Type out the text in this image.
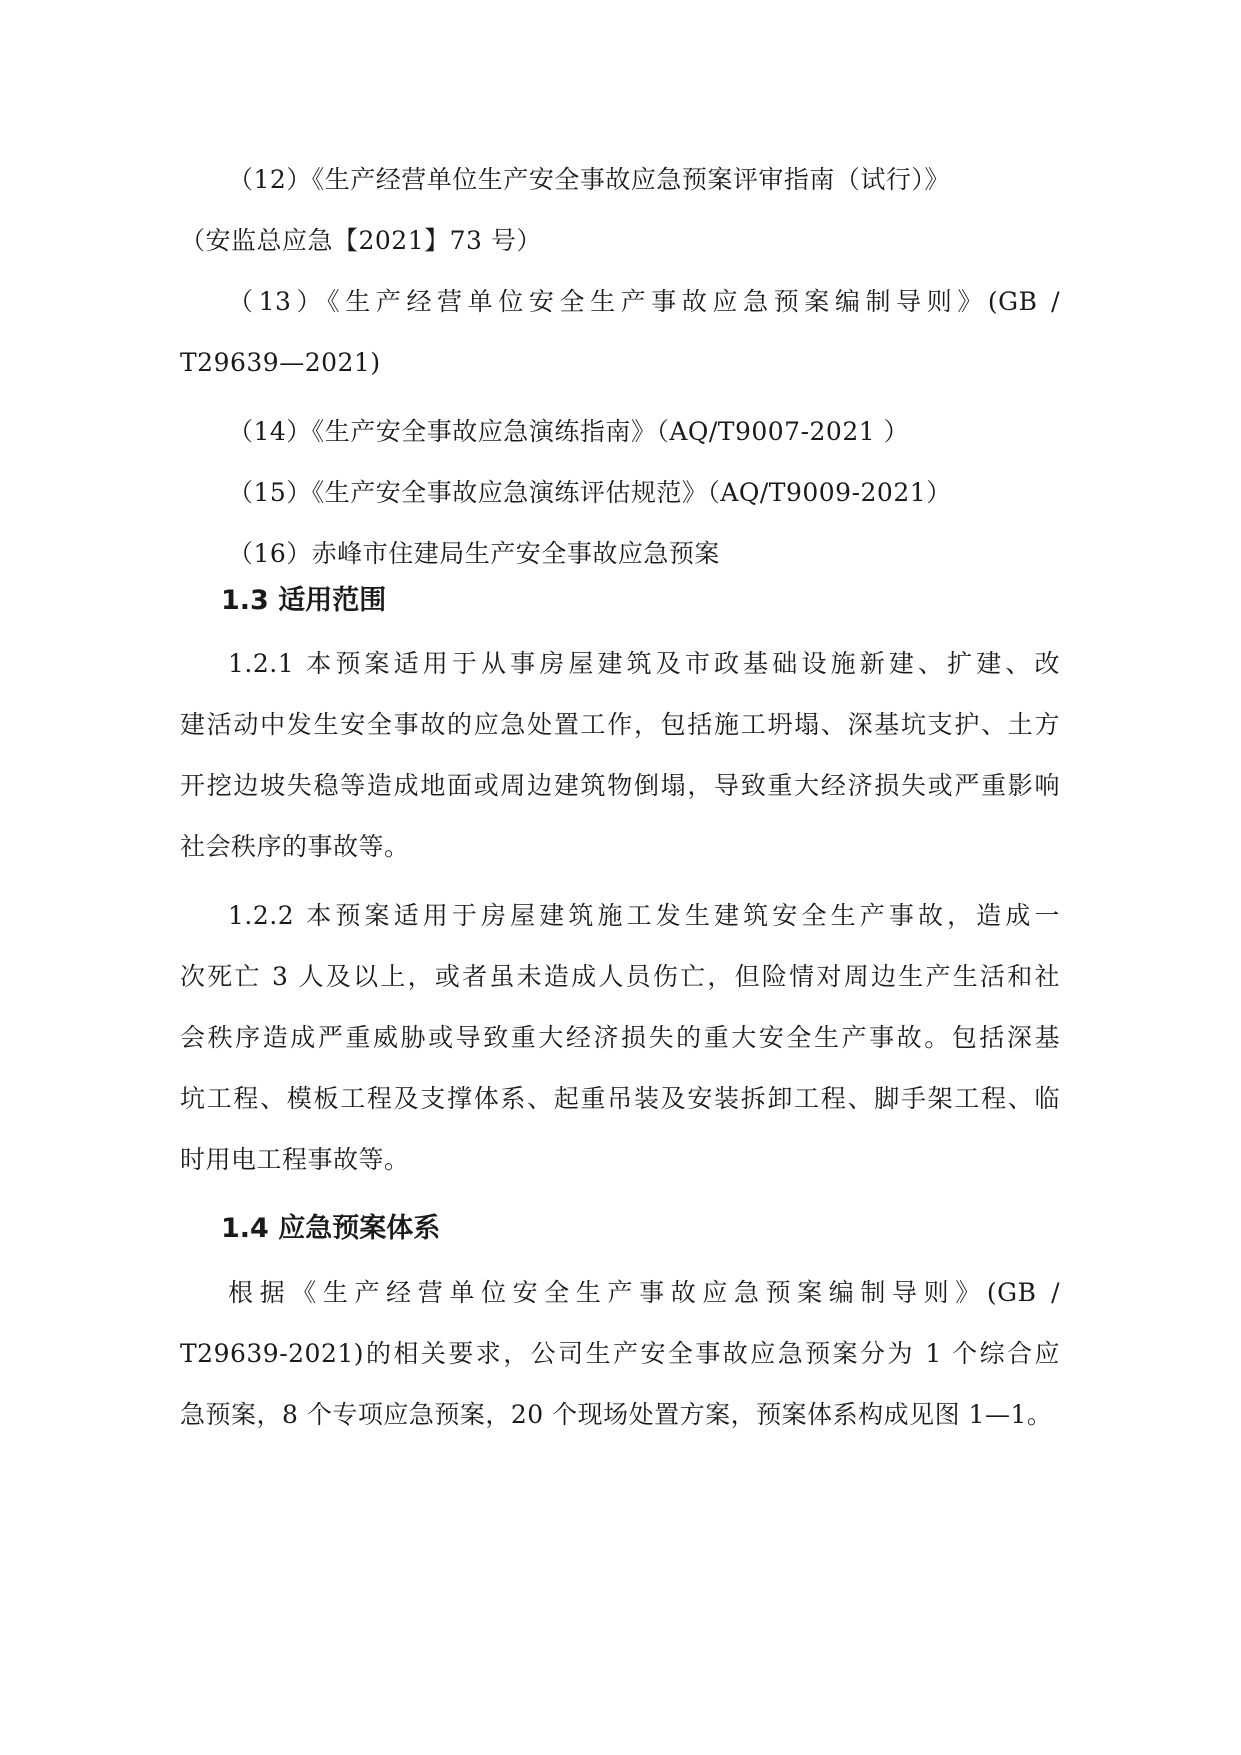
（12）《生产经营单位生产安全事故应急预案评审指南（试行）》
（安监总应急【2021】73 号）
（13）《生产经营单位安全生产事故应急预案编制导则》(GB /
T29639—2021)
（14）《生产安全事故应急演练指南》（AQ/T9007-2021 ）
（15）《生产安全事故应急演练评估规范》（AQ/T9009-2021）
（16）赤峰市住建局生产安全事故应急预案
1.3 适用范围
1.2.1 本预案适用于从事房屋建筑及市政基础设施新建、扩建、改
建活动中发生安全事故的应急处置工作，包括施工坍塌、深基坑支护、土方
开挖边坡失稳等造成地面或周边建筑物倒塌，导致重大经济损失或严重影响
社会秩序的事故等。
1.2.2 本预案适用于房屋建筑施工发生建筑安全生产事故，造成一
次死亡 3 人及以上，或者虽未造成人员伤亡，但险情对周边生产生活和社
会秩序造成严重威胁或导致重大经济损失的重大安全生产事故。包括深基
坑工程、模板工程及支撑体系、起重吊装及安装拆卸工程、脚手架工程、临
时用电工程事故等。
1.4 应急预案体系
根据《生产经营单位安全生产事故应急预案编制导则》(GB /
T29639-2021)的相关要求，公司生产安全事故应急预案分为 1 个综合应
急预案，8 个专项应急预案，20 个现场处置方案，预案体系构成见图 1—1。
